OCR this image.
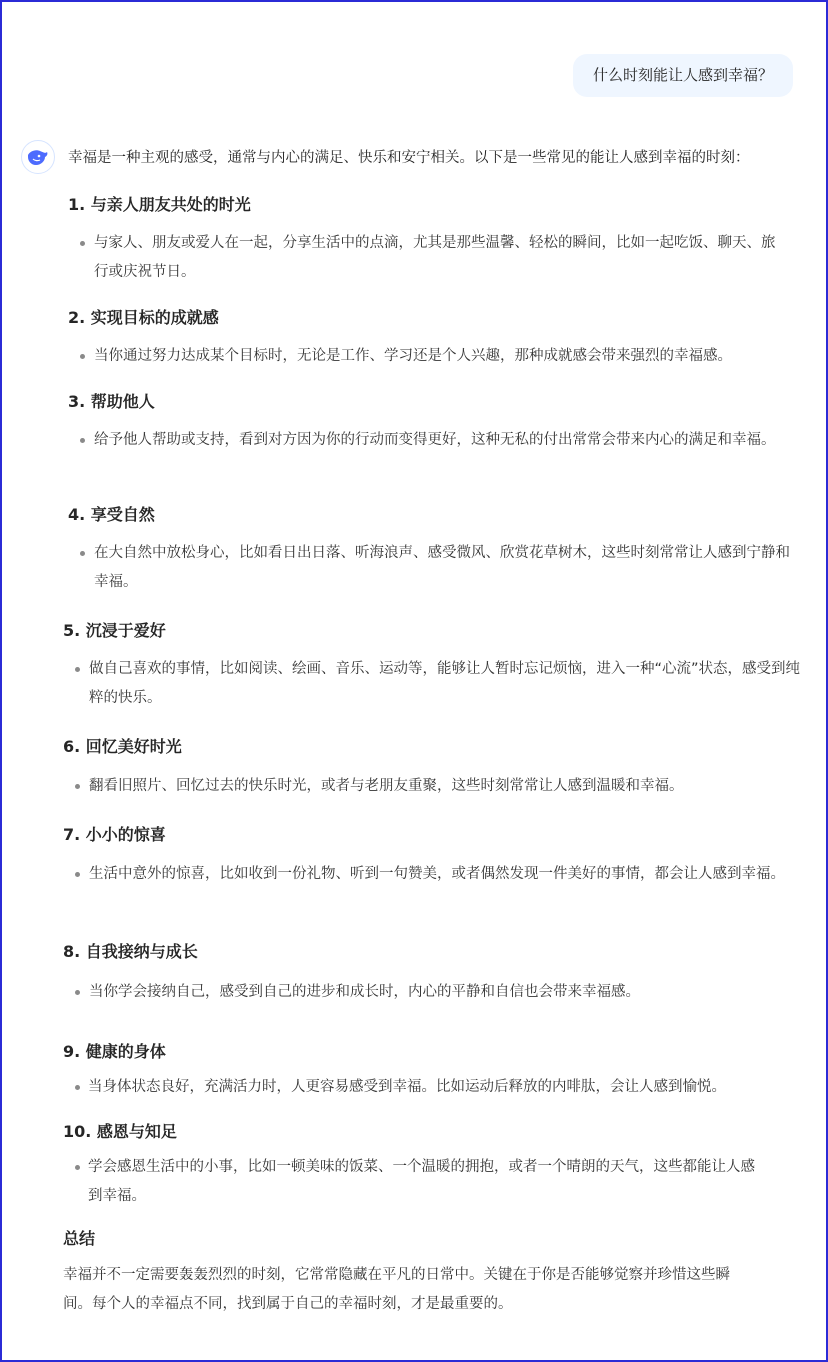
什么时刻能让人感到幸福？
幸福是一种主观的感受，通常与内心的满足、快乐和安宁相关。以下是一些常见的能让人感到幸福的时刻：
1. 与亲人朋友共处的时光
与家人、朋友或爱人在一起，分享生活中的点滴，尤其是那些温馨、轻松的瞬间，比如一起吃饭、聊天、旅行或庆祝节日。
2. 实现目标的成就感
当你通过努力达成某个目标时，无论是工作、学习还是个人兴趣，那种成就感会带来强烈的幸福感。
3. 帮助他人
给予他人帮助或支持，看到对方因为你的行动而变得更好，这种无私的付出常常会带来内心的满足和幸福。
4. 享受自然
在大自然中放松身心，比如看日出日落、听海浪声、感受微风、欣赏花草树木，这些时刻常常让人感到宁静和幸福。
5. 沉浸于爱好
做自己喜欢的事情，比如阅读、绘画、音乐、运动等，能够让人暂时忘记烦恼，进入一种“心流”状态，感受到纯粹的快乐。
6. 回忆美好时光
翻看旧照片、回忆过去的快乐时光，或者与老朋友重聚，这些时刻常常让人感到温暖和幸福。
7. 小小的惊喜
生活中意外的惊喜，比如收到一份礼物、听到一句赞美，或者偶然发现一件美好的事情，都会让人感到幸福。
8. 自我接纳与成长
当你学会接纳自己，感受到自己的进步和成长时，内心的平静和自信也会带来幸福感。
9. 健康的身体
当身体状态良好，充满活力时，人更容易感受到幸福。比如运动后释放的内啡肽，会让人感到愉悦。
10. 感恩与知足
学会感恩生活中的小事，比如一顿美味的饭菜、一个温暖的拥抱，或者一个晴朗的天气，这些都能让人感到幸福。
总结
幸福并不一定需要轰轰烈烈的时刻，它常常隐藏在平凡的日常中。关键在于你是否能够觉察并珍惜这些瞬间。每个人的幸福点不同，找到属于自己的幸福时刻，才是最重要的。
